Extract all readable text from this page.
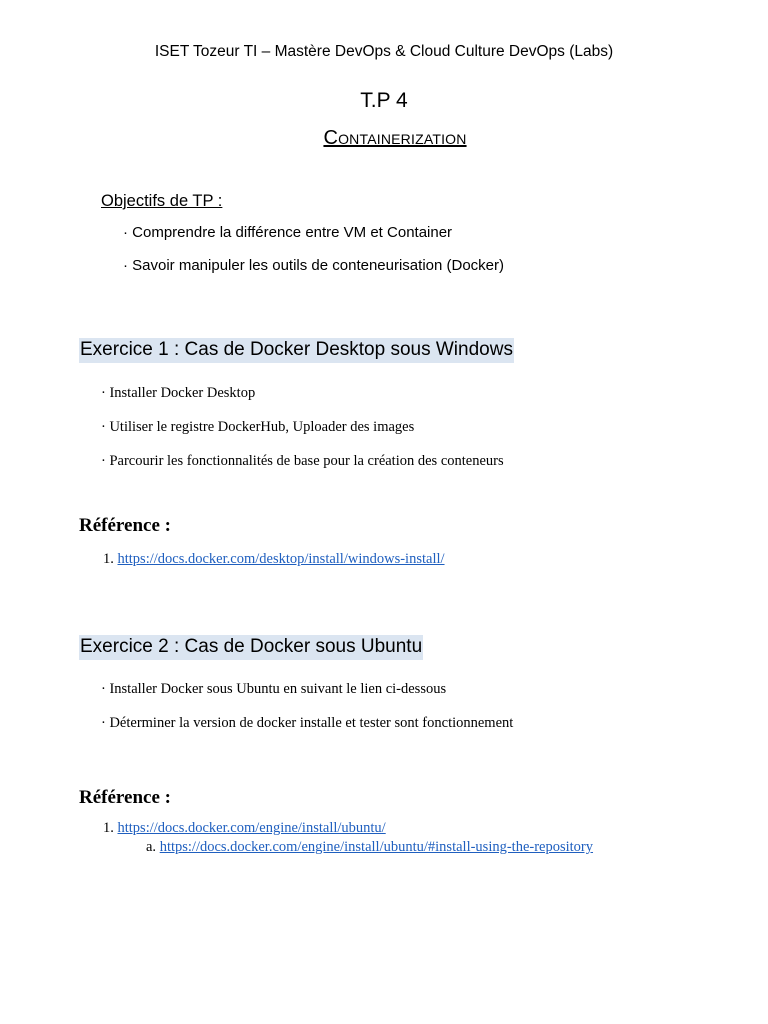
ISET Tozeur TI – Mastère DevOps & Cloud Culture DevOps (Labs)
T.P 4
Containerization
Objectifs de TP :
· Comprendre la différence entre VM et Container
· Savoir manipuler les outils de conteneurisation (Docker)
Exercice 1 : Cas de Docker Desktop sous Windows
· Installer Docker Desktop
· Utiliser le registre DockerHub, Uploader des images
· Parcourir les fonctionnalités de base pour la création des conteneurs
Référence :
1. https://docs.docker.com/desktop/install/windows-install/
Exercice 2 : Cas de Docker sous Ubuntu
· Installer Docker sous Ubuntu en suivant le lien ci-dessous
· Déterminer la version de docker installe et tester sont fonctionnement
Référence :
1. https://docs.docker.com/engine/install/ubuntu/
a. https://docs.docker.com/engine/install/ubuntu/#install-using-the-repository
